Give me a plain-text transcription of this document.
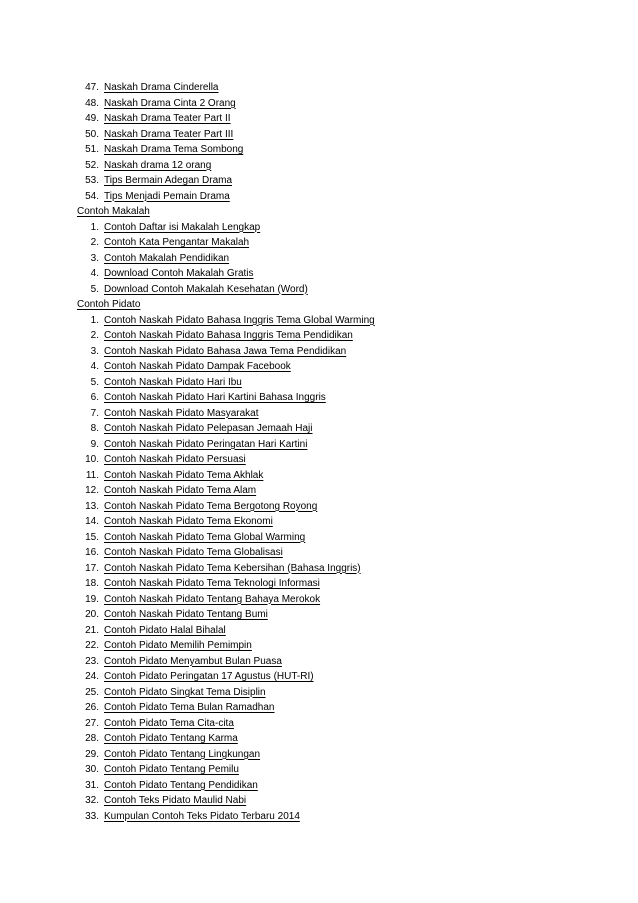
47. Naskah Drama Cinderella
48. Naskah Drama Cinta 2 Orang
49. Naskah Drama Teater Part II
50. Naskah Drama Teater Part III
51. Naskah Drama Tema Sombong
52. Naskah drama 12 orang
53. Tips Bermain Adegan Drama
54. Tips Menjadi Pemain Drama
Contoh Makalah
1. Contoh Daftar isi Makalah Lengkap
2. Contoh Kata Pengantar Makalah
3. Contoh Makalah Pendidikan
4. Download Contoh Makalah Gratis
5. Download Contoh Makalah Kesehatan (Word)
Contoh Pidato
1. Contoh Naskah Pidato Bahasa Inggris Tema Global Warming
2. Contoh Naskah Pidato Bahasa Inggris Tema Pendidikan
3. Contoh Naskah Pidato Bahasa Jawa Tema Pendidikan
4. Contoh Naskah Pidato Dampak Facebook
5. Contoh Naskah Pidato Hari Ibu
6. Contoh Naskah Pidato Hari Kartini Bahasa Inggris
7. Contoh Naskah Pidato Masyarakat
8. Contoh Naskah Pidato Pelepasan Jemaah Haji
9. Contoh Naskah Pidato Peringatan Hari Kartini
10. Contoh Naskah Pidato Persuasi
11. Contoh Naskah Pidato Tema Akhlak
12. Contoh Naskah Pidato Tema Alam
13. Contoh Naskah Pidato Tema Bergotong Royong
14. Contoh Naskah Pidato Tema Ekonomi
15. Contoh Naskah Pidato Tema Global Warming
16. Contoh Naskah Pidato Tema Globalisasi
17. Contoh Naskah Pidato Tema Kebersihan (Bahasa Inggris)
18. Contoh Naskah Pidato Tema Teknologi Informasi
19. Contoh Naskah Pidato Tentang Bahaya Merokok
20. Contoh Naskah Pidato Tentang Bumi
21. Contoh Pidato Halal Bihalal
22. Contoh Pidato Memilih Pemimpin
23. Contoh Pidato Menyambut Bulan Puasa
24. Contoh Pidato Peringatan 17 Agustus (HUT-RI)
25. Contoh Pidato Singkat Tema Disiplin
26. Contoh Pidato Tema Bulan Ramadhan
27. Contoh Pidato Tema Cita-cita
28. Contoh Pidato Tentang Karma
29. Contoh Pidato Tentang Lingkungan
30. Contoh Pidato Tentang Pemilu
31. Contoh Pidato Tentang Pendidikan
32. Contoh Teks Pidato Maulid Nabi
33. Kumpulan Contoh Teks Pidato Terbaru 2014
